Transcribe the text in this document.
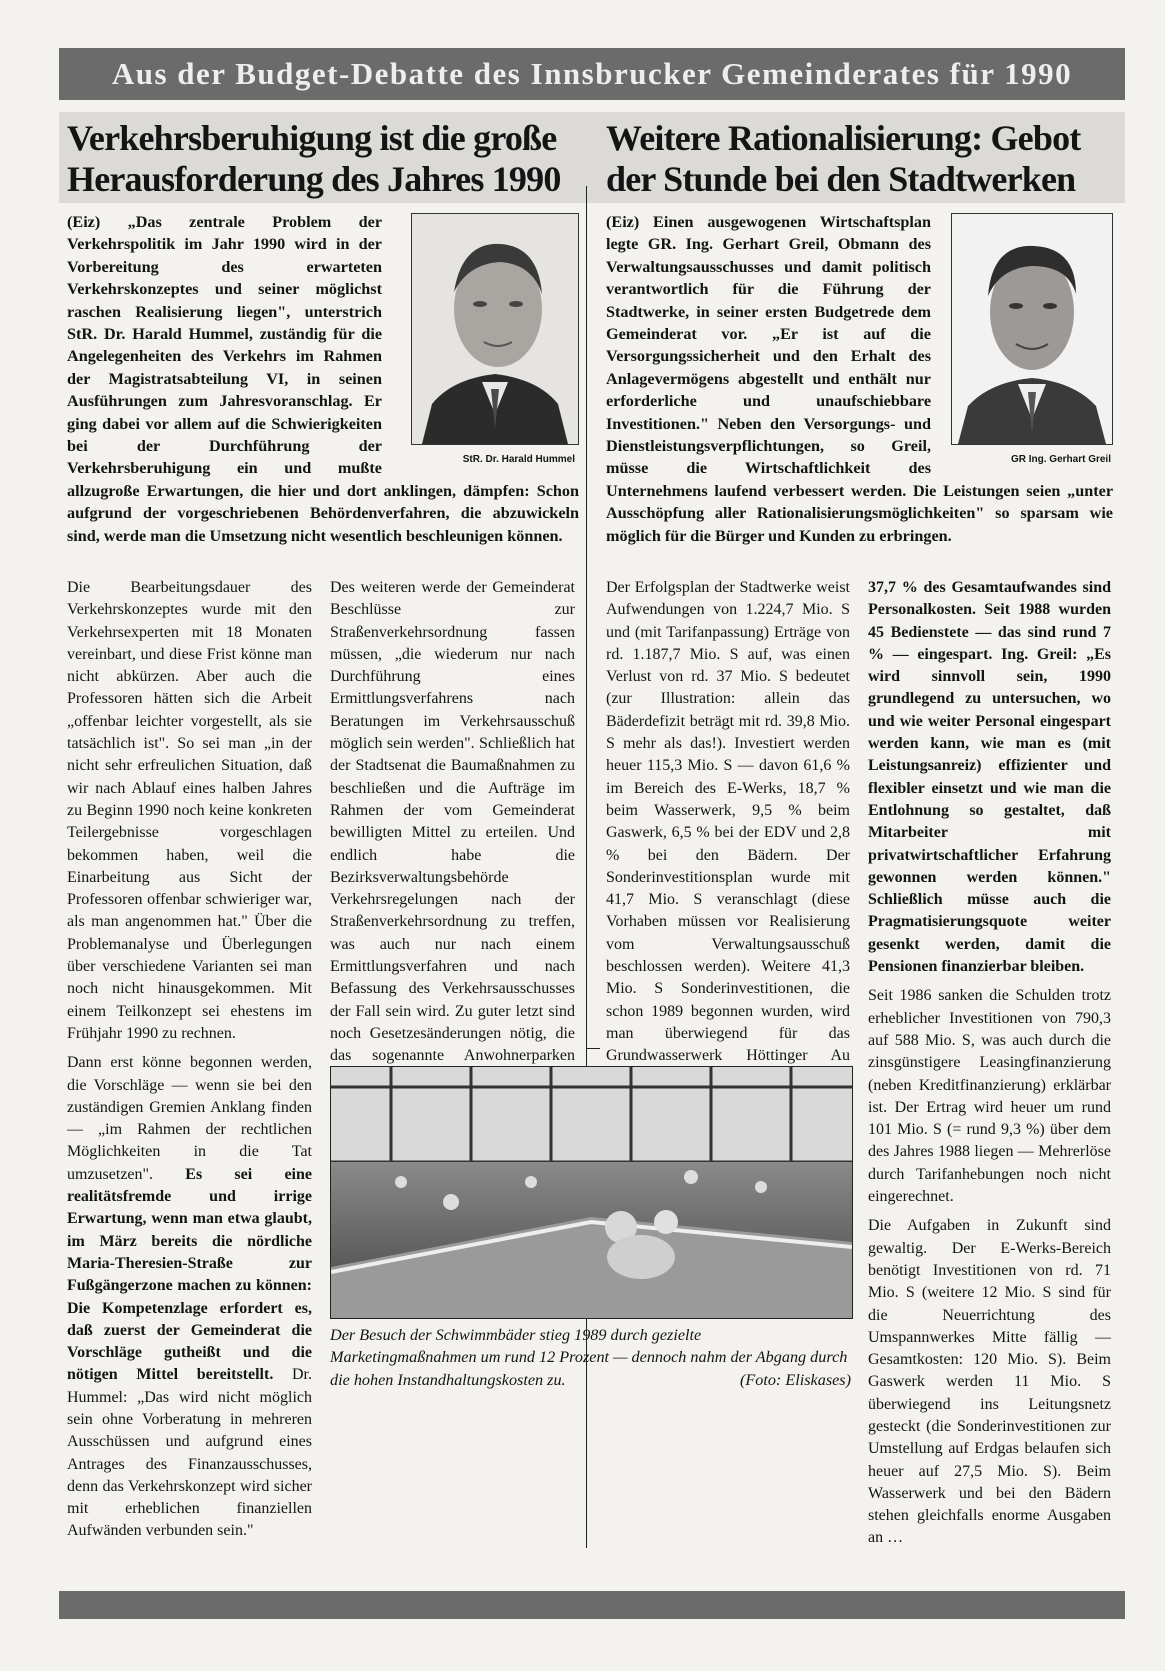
Aus der Budget-Debatte des Innsbrucker Gemeinderates für 1990
Verkehrsberuhigung ist die große Herausforderung des Jahres 1990
StR. Dr. Harald Hummel
(Eiz) „Das zentrale Problem der Verkehrspolitik im Jahr 1990 wird in der Vorbereitung des erwarteten Verkehrskonzeptes und seiner möglichst raschen Realisierung liegen", unterstrich StR. Dr. Harald Hummel, zuständig für die Angelegenheiten des Verkehrs im Rahmen der Magistratsabteilung VI, in seinen Ausführungen zum Jahresvoranschlag. Er ging dabei vor allem auf die Schwierigkeiten bei der Durchführung der Verkehrsberuhigung ein und mußte allzugroße Erwartungen, die hier und dort anklingen, dämpfen: Schon aufgrund der vorgeschriebenen Behördenverfahren, die abzuwickeln sind, werde man die Umsetzung nicht wesentlich beschleunigen können.

Die Bearbeitungsdauer des Verkehrskonzeptes wurde mit den Verkehrsexperten mit 18 Monaten vereinbart, und diese Frist könne man nicht abkürzen. Aber auch die Professoren hätten sich die Arbeit „offenbar leichter vorgestellt, als sie tatsächlich ist". So sei man „in der nicht sehr erfreulichen Situation, daß wir nach Ablauf eines halben Jahres zu Beginn 1990 noch keine konkreten Teilergebnisse vorgeschlagen bekommen haben, weil die Einarbeitung aus Sicht der Professoren offenbar schwieriger war, als man angenommen hat." Über die Problemanalyse und Überlegungen über verschiedene Varianten sei man noch nicht hinausgekommen. Mit einem Teilkonzept sei ehestens im Frühjahr 1990 zu rechnen.

Dann erst könne begonnen werden, die Vorschläge — wenn sie bei den zuständigen Gremien Anklang finden — „im Rahmen der rechtlichen Möglichkeiten in die Tat umzusetzen". Es sei eine realitätsfremde und irrige Erwartung, wenn man etwa glaubt, im März bereits die nördliche Maria-Theresien-Straße zur Fußgängerzone machen zu können: Die Kompetenzlage erfordert es, daß zuerst der Gemeinderat die Vorschläge gutheißt und die nötigen Mittel bereitstellt. Dr. Hummel: „Das wird nicht möglich sein ohne Vorberatung in mehreren Ausschüssen und aufgrund eines Antrages des Finanzausschusses, denn das Verkehrskonzept wird sicher mit erheblichen finanziellen Aufwänden verbunden sein."

Des weiteren werde der Gemeinderat Beschlüsse zur Straßenverkehrsordnung fassen müssen, „die wiederum nur nach Durchführung eines Ermittlungsverfahrens nach Beratungen im Verkehrsausschuß möglich sein werden". Schließlich hat der Stadtsenat die Baumaßnahmen zu beschließen und die Aufträge im Rahmen der vom Gemeinderat bewilligten Mittel zu erteilen. Und endlich habe die Bezirksverwaltungsbehörde Verkehrsregelungen nach der Straßenverkehrsordnung zu treffen, was auch nur nach einem Ermittlungsverfahren und nach Befassung des Verkehrsausschusses der Fall sein wird. Zu guter letzt sind noch Gesetzesänderungen nötig, die das sogenannte Anwohnerparken

Weitere Rationalisierung: Gebot der Stunde bei den Stadtwerken
GR Ing. Gerhart Greil
(Eiz) Einen ausgewogenen Wirtschaftsplan legte GR. Ing. Gerhart Greil, Obmann des Verwaltungsausschusses und damit politisch verantwortlich für die Führung der Stadtwerke, in seiner ersten Budgetrede dem Gemeinderat vor. „Er ist auf die Versorgungssicherheit und den Erhalt des Anlagevermögens abgestellt und enthält nur erforderliche und unaufschiebbare Investitionen." Neben den Versorgungs- und Dienstleistungsverpflichtungen, so Greil, müsse die Wirtschaftlichkeit des Unternehmens laufend verbessert werden. Die Leistungen seien „unter Ausschöpfung aller Rationalisierungsmöglichkeiten" so sparsam wie möglich für die Bürger und Kunden zu erbringen.

Der Erfolgsplan der Stadtwerke weist Aufwendungen von 1.224,7 Mio. S und (mit Tarifanpassung) Erträge von rd. 1.187,7 Mio. S auf, was einen Verlust von rd. 37 Mio. S bedeutet (zur Illustration: allein das Bäderdefizit beträgt mit rd. 39,8 Mio. S mehr als das!). Investiert werden heuer 115,3 Mio. S — davon 61,6 % im Bereich des E-Werks, 18,7 % beim Wasserwerk, 9,5 % beim Gaswerk, 6,5 % bei der EDV und 2,8 % bei den Bädern. Der Sonderinvestitionsplan wurde mit 41,7 Mio. S veranschlagt (diese Vorhaben müssen vor Realisierung vom Verwaltungsausschuß beschlossen werden). Weitere 41,3 Mio. S Sonderinvestitionen, die schon 1989 begonnen wurden, wird man überwiegend für das Grundwasserwerk Höttinger Au

37,7 % des Gesamtaufwandes sind Personalkosten. Seit 1988 wurden 45 Bedienstete — das sind rund 7 % — eingespart. Ing. Greil: „Es wird sinnvoll sein, 1990 grundlegend zu untersuchen, wo und wie weiter Personal eingespart werden kann, wie man es (mit Leistungsanreiz) effizienter und flexibler einsetzt und wie man die Entlohnung so gestaltet, daß Mitarbeiter mit privatwirtschaftlicher Erfahrung gewonnen werden können." Schließlich müsse auch die Pragmatisierungsquote weiter gesenkt werden, damit die Pensionen finanzierbar bleiben.

Seit 1986 sanken die Schulden trotz erheblicher Investitionen von 790,3 auf 588 Mio. S, was auch durch die zinsgünstigere Leasingfinanzierung (neben Kreditfinanzierung) erklärbar ist. Der Ertrag wird heuer um rund 101 Mio. S (= rund 9,3 %) über dem des Jahres 1988 liegen — Mehrerlöse durch Tarifanhebungen noch nicht eingerechnet.

Die Aufgaben in Zukunft sind gewaltig. Der E-Werks-Bereich benötigt Investitionen von rd. 71 Mio. S (weitere 12 Mio. S sind für die Neuerrichtung des Umspannwerkes Mitte fällig — Gesamtkosten: 120 Mio. S). Beim Gaswerk werden 11 Mio. S überwiegend ins Leitungsnetz gesteckt (die Sonderinvestitionen zur Umstellung auf Erdgas belaufen sich heuer auf 27,5 Mio. S). Beim Wasserwerk und bei den Bädern stehen gleichfalls enorme Ausgaben an …

Der Besuch der Schwimmbäder stieg 1989 durch gezielte Marketingmaßnahmen um rund 12 Prozent — dennoch nahm der Abgang durch die hohen Instandhaltungskosten zu.	(Foto: Eliskases)
